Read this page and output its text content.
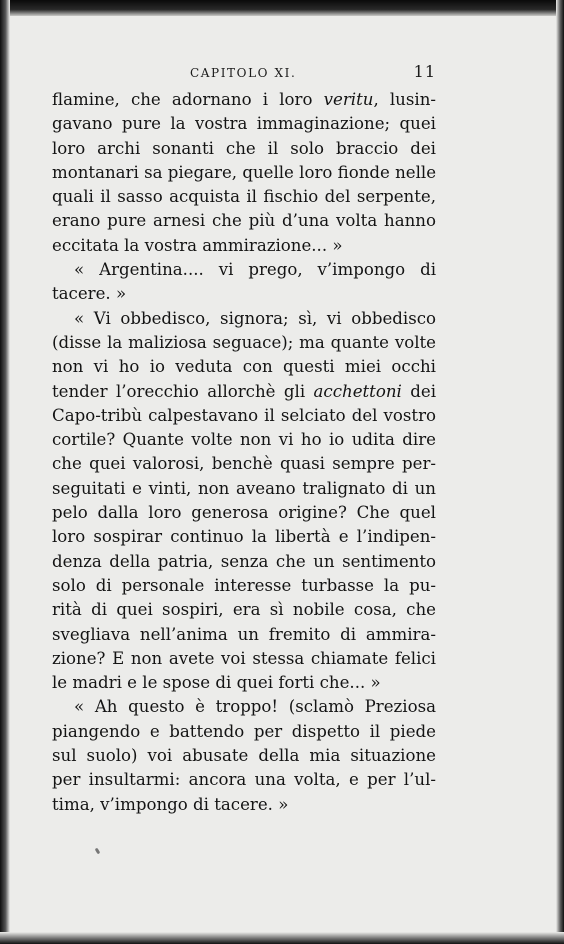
CAPITOLO XI.	11
flamine, che adornano i loro veritu, lusin-
gavano pure la vostra immaginazione; quei
loro archi sonanti che il solo braccio dei
montanari sa piegare, quelle loro fionde nelle
quali il sasso acquista il fischio del serpente,
erano pure arnesi che più d’una volta hanno
eccitata la vostra ammirazione... »
« Argentina.... vi prego, v’impongo di
tacere. »
« Vi obbedisco, signora; sì, vi obbedisco
(disse la maliziosa seguace); ma quante volte
non vi ho io veduta con questi miei occhi
tender l’orecchio allorchè gli acchettoni dei
Capo-tribù calpestavano il selciato del vostro
cortile? Quante volte non vi ho io udita dire
che quei valorosi, benchè quasi sempre per-
seguitati e vinti, non aveano tralignato di un
pelo dalla loro generosa origine? Che quel
loro sospirar continuo la libertà e l’indipen-
denza della patria, senza che un sentimento
solo di personale interesse turbasse la pu-
rità di quei sospiri, era sì nobile cosa, che
svegliava nell’anima un fremito di ammira-
zione? E non avete voi stessa chiamate felici
le madri e le spose di quei forti che... »
« Ah questo è troppo! (sclamò Preziosa
piangendo e battendo per dispetto il piede
sul suolo) voi abusate della mia situazione
per insultarmi: ancora una volta, e per l’ul-
tima, v’impongo di tacere. »
